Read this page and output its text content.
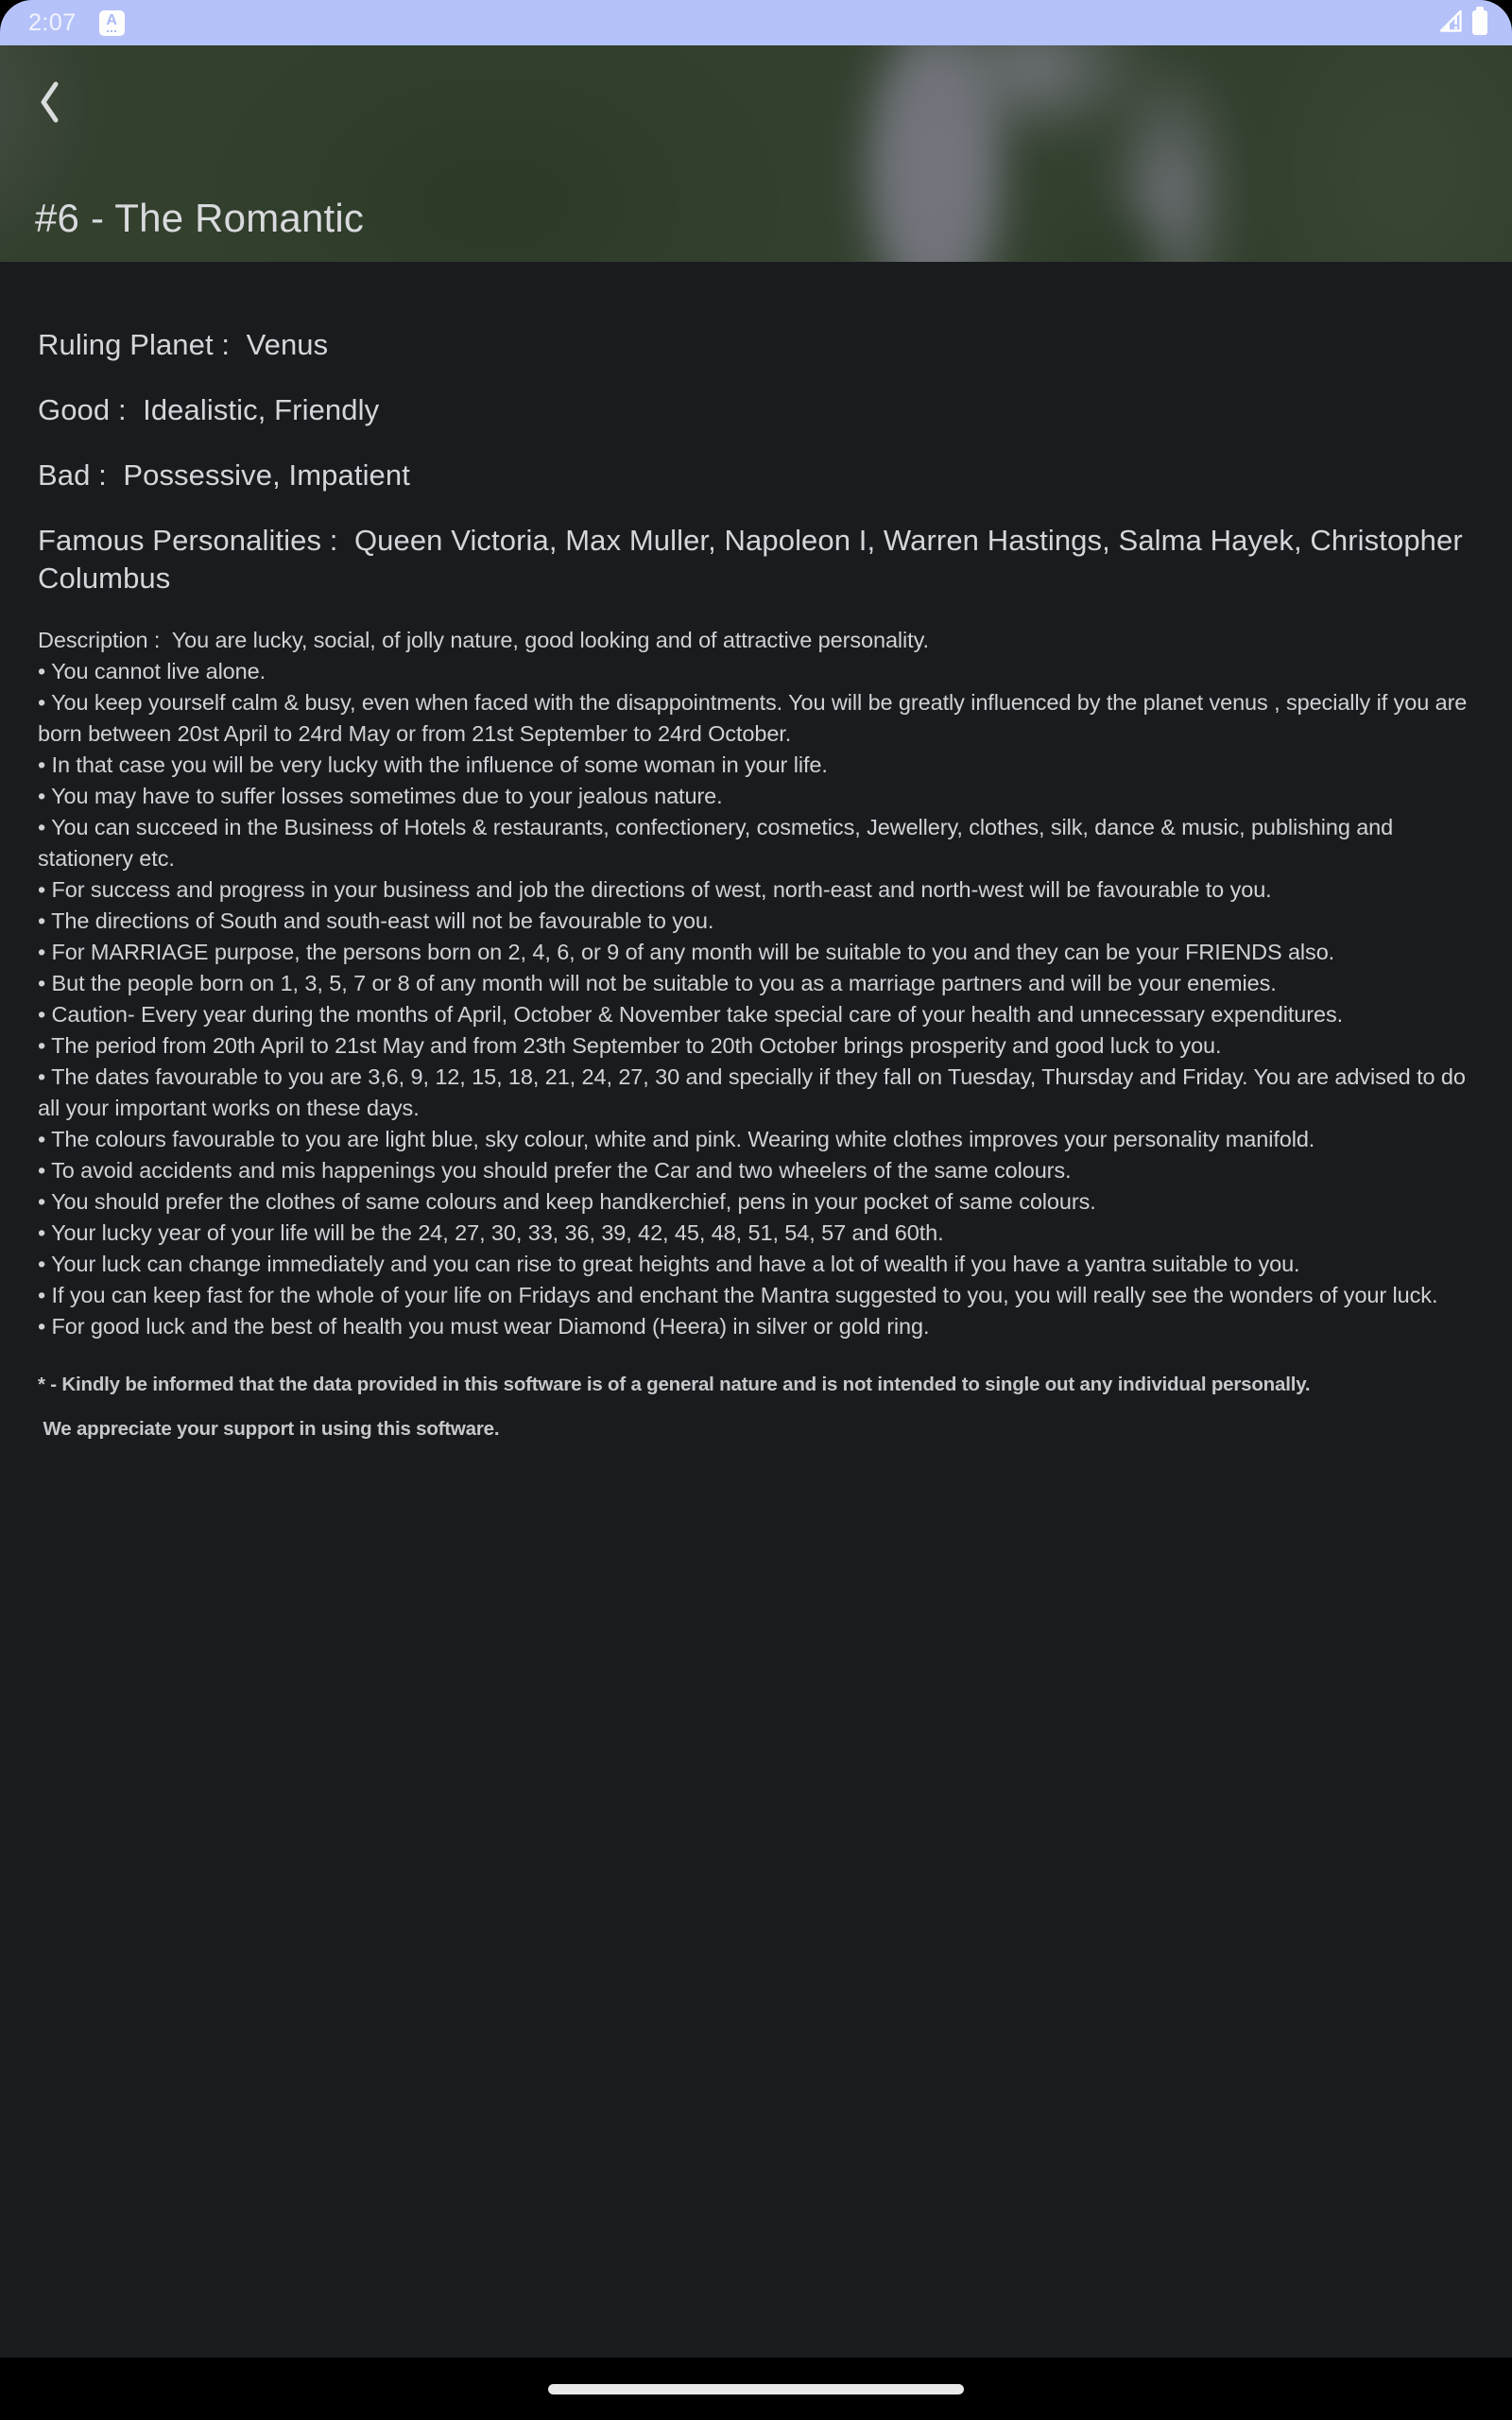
2:07 A
#6 - The Romantic
Ruling Planet :  Venus
Good :  Idealistic, Friendly
Bad :  Possessive, Impatient
Famous Personalities :  Queen Victoria, Max Muller, Napoleon I, Warren Hastings, Salma Hayek, Christopher Columbus
Description :  You are lucky, social, of jolly nature, good looking and of attractive personality.
• You cannot live alone.
• You keep yourself calm & busy, even when faced with the disappointments. You will be greatly influenced by the planet venus , specially if you are born between 20st April to 24rd May or from 21st September to 24rd October.
• In that case you will be very lucky with the influence of some woman in your life.
• You may have to suffer losses sometimes due to your jealous nature.
• You can succeed in the Business of Hotels & restaurants, confectionery, cosmetics, Jewellery, clothes, silk, dance & music, publishing and stationery etc.
• For success and progress in your business and job the directions of west, north-east and north-west will be favourable to you.
• The directions of South and south-east will not be favourable to you.
• For MARRIAGE purpose, the persons born on 2, 4, 6, or 9 of any month will be suitable to you and they can be your FRIENDS also.
• But the people born on 1, 3, 5, 7 or 8 of any month will not be suitable to you as a marriage partners and will be your enemies.
• Caution- Every year during the months of April, October & November take special care of your health and unnecessary expenditures.
• The period from 20th April to 21st May and from 23th September to 20th October brings prosperity and good luck to you.
• The dates favourable to you are 3,6, 9, 12, 15, 18, 21, 24, 27, 30 and specially if they fall on Tuesday, Thursday and Friday. You are advised to do all your important works on these days.
• The colours favourable to you are light blue, sky colour, white and pink. Wearing white clothes improves your personality manifold.
• To avoid accidents and mis happenings you should prefer the Car and two wheelers of the same colours.
• You should prefer the clothes of same colours and keep handkerchief, pens in your pocket of same colours.
• Your lucky year of your life will be the 24, 27, 30, 33, 36, 39, 42, 45, 48, 51, 54, 57 and 60th.
• Your luck can change immediately and you can rise to great heights and have a lot of wealth if you have a yantra suitable to you.
• If you can keep fast for the whole of your life on Fridays and enchant the Mantra suggested to you, you will really see the wonders of your luck.
• For good luck and the best of health you must wear Diamond (Heera) in silver or gold ring.
* - Kindly be informed that the data provided in this software is of a general nature and is not intended to single out any individual personally.
We appreciate your support in using this software.
